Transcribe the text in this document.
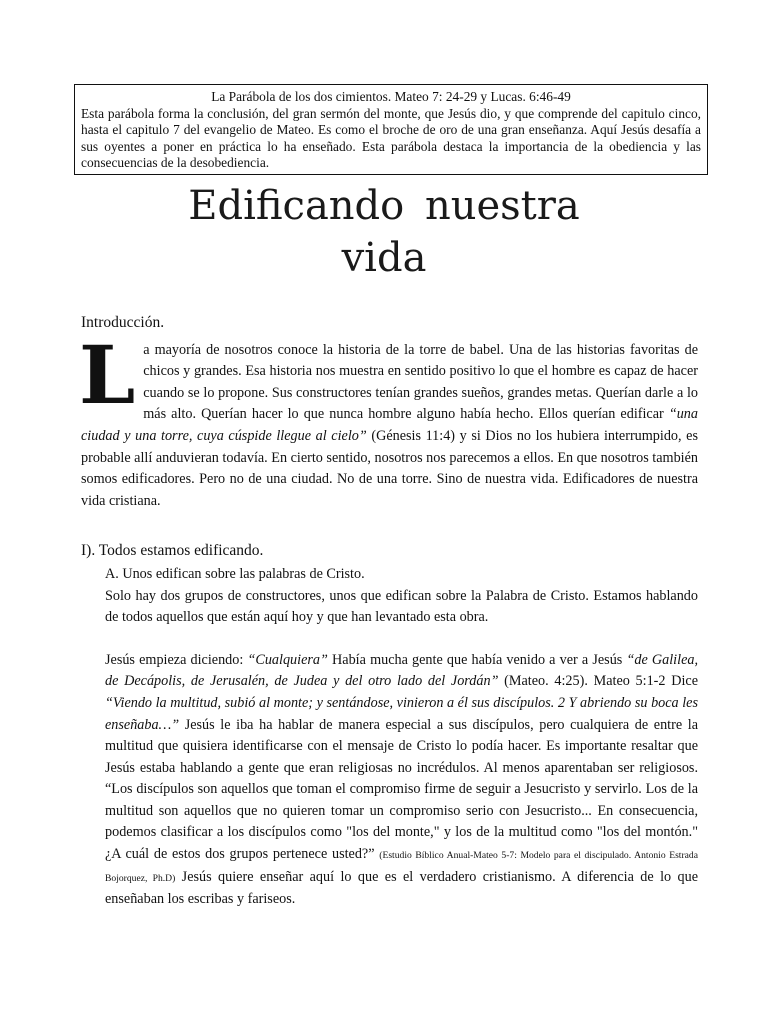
La Parábola de los dos cimientos. Mateo 7: 24-29 y Lucas. 6:46-49
Esta parábola forma la conclusión, del gran sermón del monte, que Jesús dio, y que comprende del capitulo cinco, hasta el capitulo 7 del evangelio de Mateo. Es como el broche de oro de una gran enseñanza. Aquí Jesús desafía a sus oyentes a poner en práctica lo ha enseñado. Esta parábola destaca la importancia de la obediencia y las consecuencias de la desobediencia.
Edificando nuestra
vida
Introducción.

La mayoría de nosotros conoce la historia de la torre de babel. Una de las historias favoritas de chicos y grandes. Esa historia nos muestra en sentido positivo lo que el hombre es capaz de hacer cuando se lo propone. Sus constructores tenían grandes sueños, grandes metas. Querían darle a lo más alto. Querían hacer lo que nunca hombre alguno había hecho. Ellos querían edificar “una ciudad y una torre, cuya cúspide llegue al cielo” (Génesis 11:4) y si Dios no los hubiera interrumpido, es probable allí anduvieran todavía. En cierto sentido, nosotros nos parecemos a ellos. En que nosotros también somos edificadores. Pero no de una ciudad. No de una torre. Sino de nuestra vida. Edificadores de nuestra vida cristiana.

I). Todos estamos edificando.

A. Unos edifican sobre las palabras de Cristo.

Solo hay dos grupos de constructores, unos que edifican sobre la Palabra de Cristo. Estamos hablando de todos aquellos que están aquí hoy y que han levantado esta obra.

Jesús empieza diciendo: “Cualquiera” Había mucha gente que había venido a ver a Jesús “de Galilea, de Decápolis, de Jerusalén, de Judea y del otro lado del Jordán” (Mateo. 4:25). Mateo 5:1-2 Dice “Viendo la multitud, subió al monte; y sentándose, vinieron a él sus discípulos. 2 Y abriendo su boca les enseñaba…” Jesús le iba ha hablar de manera especial a sus discípulos, pero cualquiera de entre la multitud que quisiera identificarse con el mensaje de Cristo lo podía hacer. Es importante resaltar que Jesús estaba hablando a gente que eran religiosas no incrédulos. Al menos aparentaban ser religiosos. “Los discípulos son aquellos que toman el compromiso firme de seguir a Jesucristo y servirlo. Los de la multitud son aquellos que no quieren tomar un compromiso serio con Jesucristo... En consecuencia, podemos clasificar a los discípulos como "los del monte," y los de la multitud como "los del montón." ¿A cuál de estos dos grupos pertenece usted?” (Estudio Bíblico Anual-Mateo 5-7: Modelo para el discipulado. Antonio Estrada Bojorquez, Ph.D) Jesús quiere enseñar aquí lo que es el verdadero cristianismo. A diferencia de lo que enseñaban los escribas y fariseos.
